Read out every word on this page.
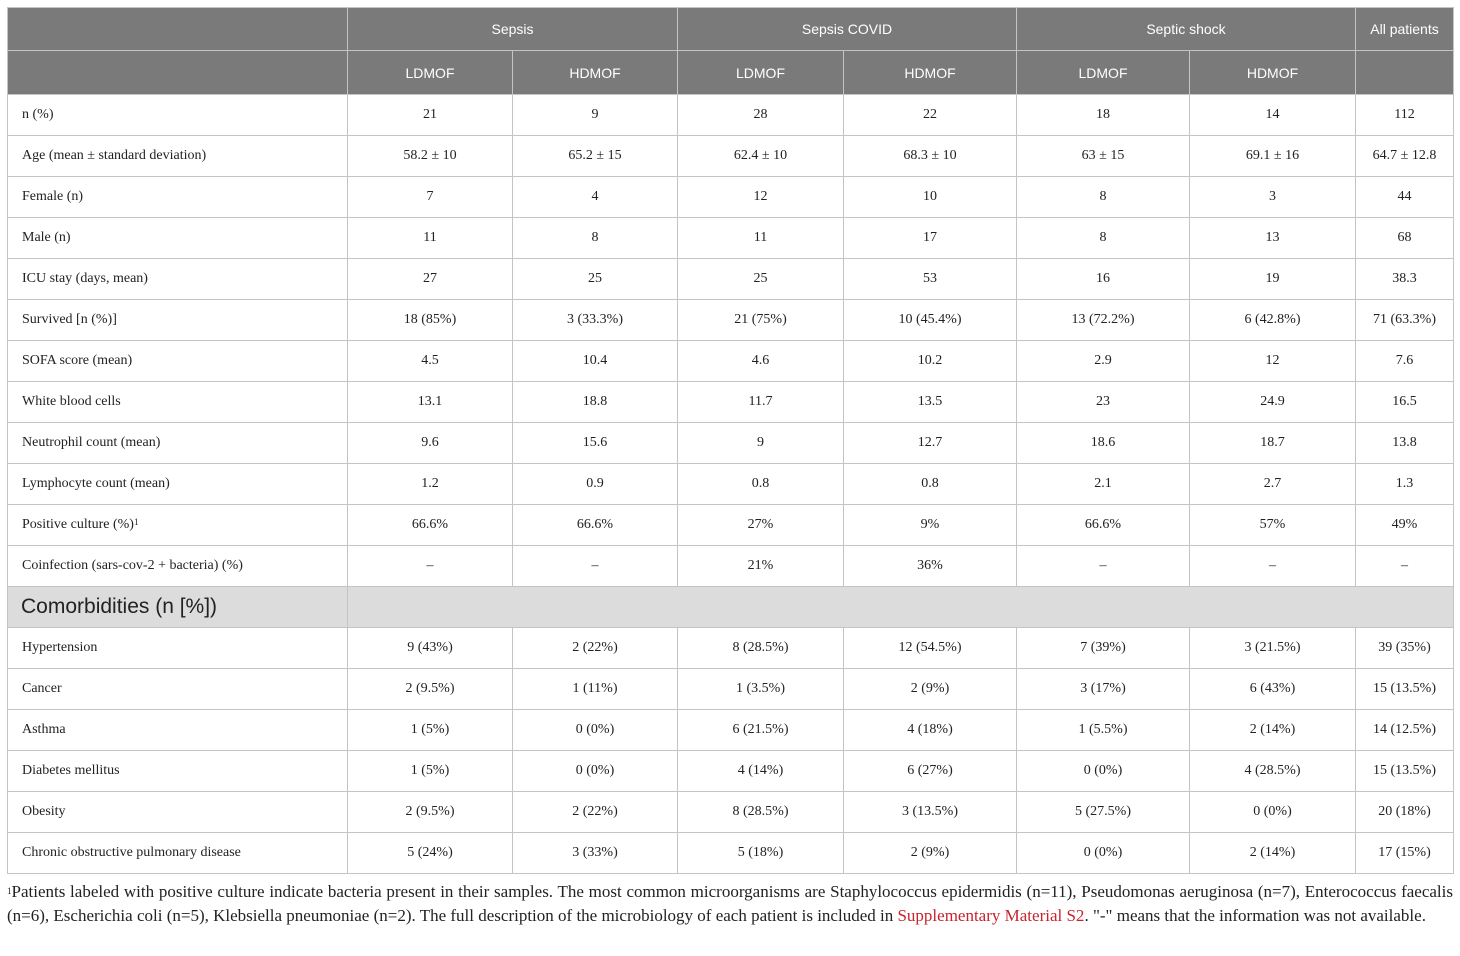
	Sepsis		Sepsis COVID		Septic shock		All patients
	LDMOF	HDMOF	LDMOF	HDMOF	LDMOF	HDMOF	
n (%)	21	9	28	22	18	14	112
Age (mean ± standard deviation)	58.2 ± 10	65.2 ± 15	62.4 ± 10	68.3 ± 10	63 ± 15	69.1 ± 16	64.7 ± 12.8
Female (n)	7	4	12	10	8	3	44
Male (n)	11	8	11	17	8	13	68
ICU stay (days, mean)	27	25	25	53	16	19	38.3
Survived [n (%)]	18 (85%)	3 (33.3%)	21 (75%)	10 (45.4%)	13 (72.2%)	6 (42.8%)	71 (63.3%)
SOFA score (mean)	4.5	10.4	4.6	10.2	2.9	12	7.6
White blood cells	13.1	18.8	11.7	13.5	23	24.9	16.5
Neutrophil count (mean)	9.6	15.6	9	12.7	18.6	18.7	13.8
Lymphocyte count (mean)	1.2	0.9	0.8	0.8	2.1	2.7	1.3
Positive culture (%)$^1$	66.6%	66.6%	27%	9%	66.6%	57%	49%
Coinfection (sars-cov-2 + bacteria) (%)	–	–	21%	36%	–	–	–
Comorbidities (n [%])							
Hypertension	9 (43%)	2 (22%)	8 (28.5%)	12 (54.5%)	7 (39%)	3 (21.5%)	39 (35%)
Cancer	2 (9.5%)	1 (11%)	1 (3.5%)	2 (9%)	3 (17%)	6 (43%)	15 (13.5%)
Asthma	1 (5%)	0 (0%)	6 (21.5%)	4 (18%)	1 (5.5%)	2 (14%)	14 (12.5%)
Diabetes mellitus	1 (5%)	0 (0%)	4 (14%)	6 (27%)	0 (0%)	4 (28.5%)	15 (13.5%)
Obesity	2 (9.5%)	2 (22%)	8 (28.5%)	3 (13.5%)	5 (27.5%)	0 (0%)	20 (18%)
Chronic obstructive pulmonary disease	5 (24%)	3 (33%)	5 (18%)	2 (9%)	0 (0%)	2 (14%)	17 (15%)
$^1$Patients labeled with positive culture indicate bacteria present in their samples. The most common microorganisms are Staphylococcus epidermidis (n=11), Pseudomonas aeruginosa (n=7), Enterococcus faecalis (n=6), Escherichia coli (n=5), Klebsiella pneumoniae (n=2). The full description of the microbiology of each patient is included in Supplementary Material S2. "-" means that the information was not available.
